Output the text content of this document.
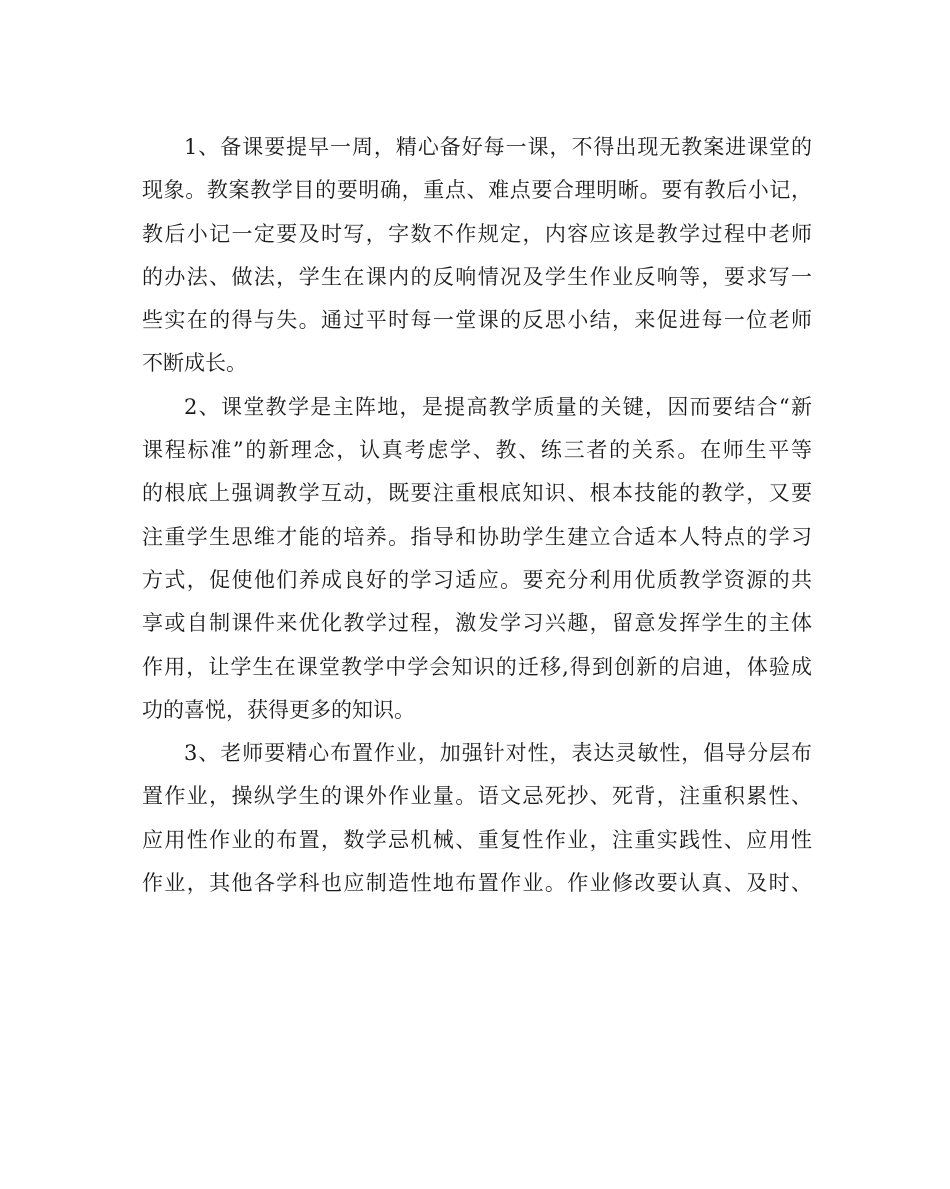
1、备课要提早一周，精心备好每一课，不得出现无教案进课堂的
现象。教案教学目的要明确，重点、难点要合理明晰。要有教后小记，
教后小记一定要及时写，字数不作规定，内容应该是教学过程中老师
的办法、做法，学生在课内的反响情况及学生作业反响等，要求写一
些实在的得与失。通过平时每一堂课的反思小结，来促进每一位老师
不断成长。

2、课堂教学是主阵地，是提高教学质量的关键，因而要结合“新
课程标准”的新理念，认真考虑学、教、练三者的关系。在师生平等
的根底上强调教学互动，既要注重根底知识、根本技能的教学，又要
注重学生思维才能的培养。指导和协助学生建立合适本人特点的学习
方式，促使他们养成良好的学习适应。要充分利用优质教学资源的共
享或自制课件来优化教学过程，激发学习兴趣，留意发挥学生的主体
作用，让学生在课堂教学中学会知识的迁移,得到创新的启迪，体验成
功的喜悦，获得更多的知识。

3、老师要精心布置作业，加强针对性，表达灵敏性，倡导分层布
置作业，操纵学生的课外作业量。语文忌死抄、死背，注重积累性、
应用性作业的布置，数学忌机械、重复性作业，注重实践性、应用性
作业，其他各学科也应制造性地布置作业。作业修改要认真、及时、
